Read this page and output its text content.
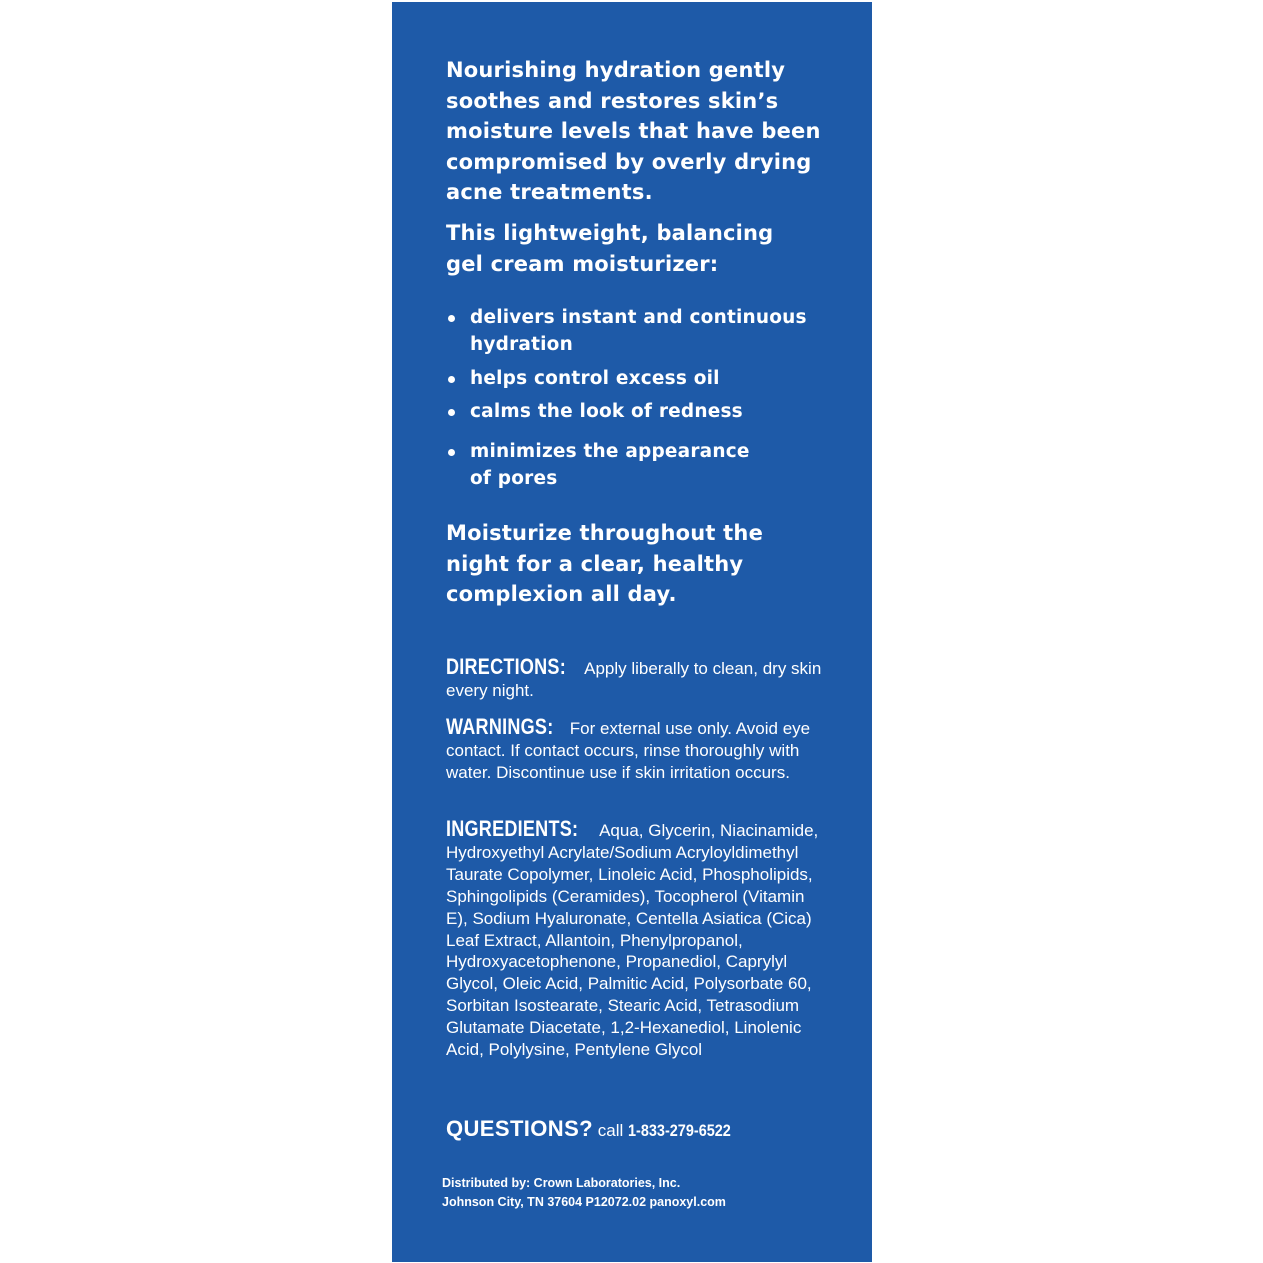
Nourishing hydration gently
soothes and restores skin’s
moisture levels that have been
compromised by overly drying
acne treatments.

This lightweight, balancing
gel cream moisturizer:

delivers instant and continuous
hydration
helps control excess oil
calms the look of redness
minimizes the appearance
of pores

Moisturize throughout the
night for a clear, healthy
complexion all day.

DIRECTIONS: Apply liberally to clean, dry skin every night.

WARNINGS: For external use only. Avoid eye contact. If contact occurs, rinse thoroughly with water. Discontinue use if skin irritation occurs.

INGREDIENTS: Aqua, Glycerin, Niacinamide, Hydroxyethyl Acrylate/Sodium Acryloyldimethyl Taurate Copolymer, Linoleic Acid, Phospholipids, Sphingolipids (Ceramides), Tocopherol (Vitamin E), Sodium Hyaluronate, Centella Asiatica (Cica) Leaf Extract, Allantoin, Phenylpropanol, Hydroxyacetophenone, Propanediol, Caprylyl Glycol, Oleic Acid, Palmitic Acid, Polysorbate 60, Sorbitan Isostearate, Stearic Acid, Tetrasodium Glutamate Diacetate, 1,2-Hexanediol, Linolenic Acid, Polylysine, Pentylene Glycol

QUESTIONS? call 1-833-279-6522

Distributed by: Crown Laboratories, Inc.
Johnson City, TN 37604 P12072.02 panoxyl.com
